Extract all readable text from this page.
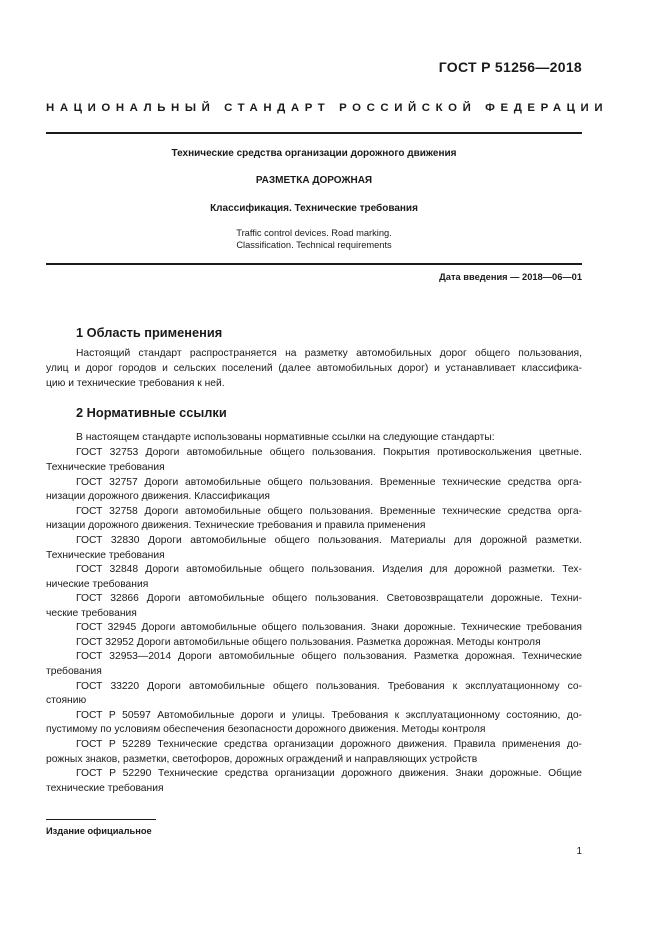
ГОСТ Р 51256—2018
НАЦИОНАЛЬНЫЙ СТАНДАРТ РОССИЙСКОЙ ФЕДЕРАЦИИ
Технические средства организации дорожного движения
РАЗМЕТКА ДОРОЖНАЯ
Классификация. Технические требования
Traffic control devices. Road marking.
Classification. Technical requirements
Дата введения — 2018—06—01
1 Область применения
Настоящий стандарт распространяется на разметку автомобильных дорог общего пользования,
улиц и дорог городов и сельских поселений (далее автомобильных дорог) и устанавливает классифика-
цию и технические требования к ней.
2 Нормативные ссылки
В настоящем стандарте использованы нормативные ссылки на следующие стандарты:
ГОСТ 32753 Дороги автомобильные общего пользования. Покрытия противоскольжения цветные.
Технические требования
ГОСТ 32757 Дороги автомобильные общего пользования. Временные технические средства орга-
низации дорожного движения. Классификация
ГОСТ 32758 Дороги автомобильные общего пользования. Временные технические средства орга-
низации дорожного движения. Технические требования и правила применения
ГОСТ 32830 Дороги автомобильные общего пользования. Материалы для дорожной разметки.
Технические требования
ГОСТ 32848 Дороги автомобильные общего пользования. Изделия для дорожной разметки. Тех-
нические требования
ГОСТ 32866 Дороги автомобильные общего пользования. Световозвращатели дорожные. Техни-
ческие требования
ГОСТ 32945 Дороги автомобильные общего пользования. Знаки дорожные. Технические требования
ГОСТ 32952 Дороги автомобильные общего пользования. Разметка дорожная. Методы контроля
ГОСТ 32953—2014 Дороги автомобильные общего пользования. Разметка дорожная. Технические
требования
ГОСТ 33220 Дороги автомобильные общего пользования. Требования к эксплуатационному со-
стоянию
ГОСТ Р 50597 Автомобильные дороги и улицы. Требования к эксплуатационному состоянию, до-
пустимому по условиям обеспечения безопасности дорожного движения. Методы контроля
ГОСТ Р 52289 Технические средства организации дорожного движения. Правила применения до-
рожных знаков, разметки, светофоров, дорожных ограждений и направляющих устройств
ГОСТ Р 52290 Технические средства организации дорожного движения. Знаки дорожные. Общие
технические требования
Издание официальное
1
